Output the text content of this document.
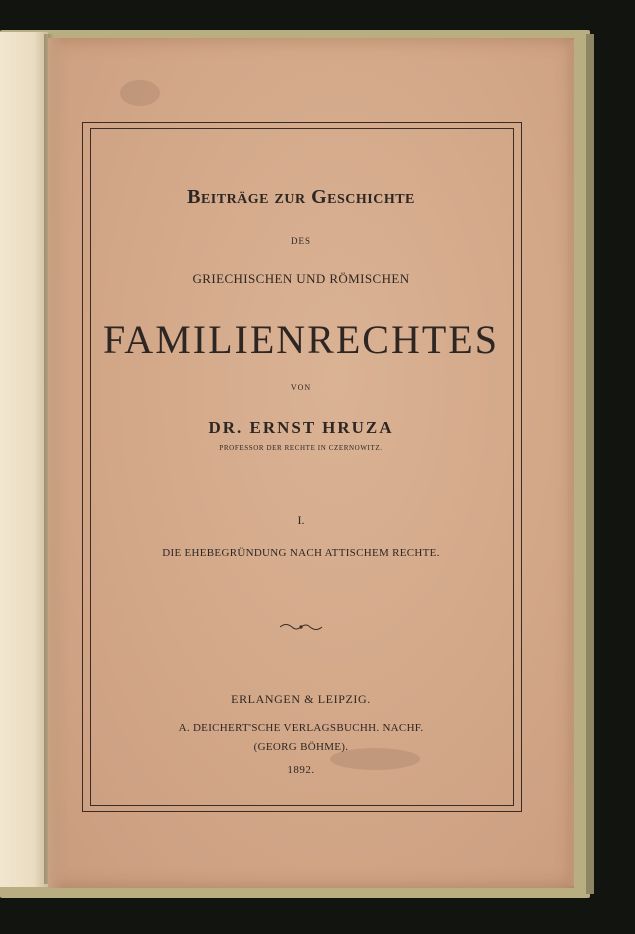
Beiträge zur Geschichte
DES
GRIECHISCHEN UND RÖMISCHEN
FAMILIENRECHTES
VON
DR. ERNST HRUZA
PROFESSOR DER RECHTE IN CZERNOWITZ.
I.
DIE EHEBEGRÜNDUNG NACH ATTISCHEM RECHTE.
ERLANGEN & LEIPZIG.
A. DEICHERT'SCHE VERLAGSBUCHH. NACHF.
(GEORG BÖHME).
1892.
